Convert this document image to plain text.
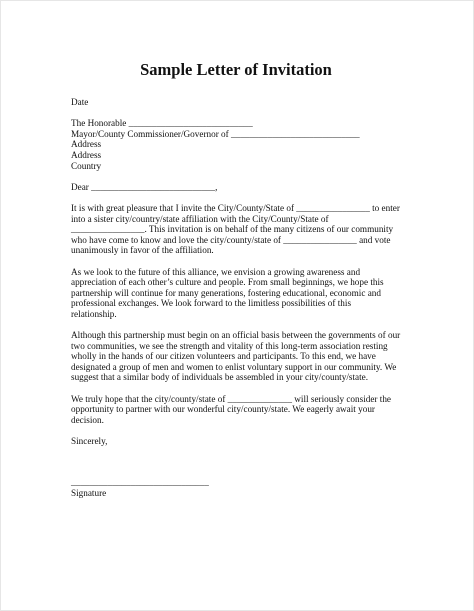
Sample Letter of Invitation
Date
The Honorable ___________________________
Mayor/County Commissioner/Governor of ____________________________
Address
Address
Country
Dear ___________________________,
It is with great pleasure that I invite the City/County/State of ________________ to enter
into a sister city/country/state affiliation with the City/County/State of
________________. This invitation is on behalf of the many citizens of our community
who have come to know and love the city/county/state of ________________ and vote
unanimously in favor of the affiliation.
As we look to the future of this alliance, we envision a growing awareness and
appreciation of each other’s culture and people. From small beginnings, we hope this
partnership will continue for many generations, fostering educational, economic and
professional exchanges. We look forward to the limitless possibilities of this
relationship.
Although this partnership must begin on an official basis between the governments of our
two communities, we see the strength and vitality of this long-term association resting
wholly in the hands of our citizen volunteers and participants. To this end, we have
designated a group of men and women to enlist voluntary support in our community. We
suggest that a similar body of individuals be assembled in your city/county/state.
We truly hope that the city/county/state of ______________ will seriously consider the
opportunity to partner with our wonderful city/county/state. We eagerly await your
decision.
Sincerely,
______________________________
Signature
